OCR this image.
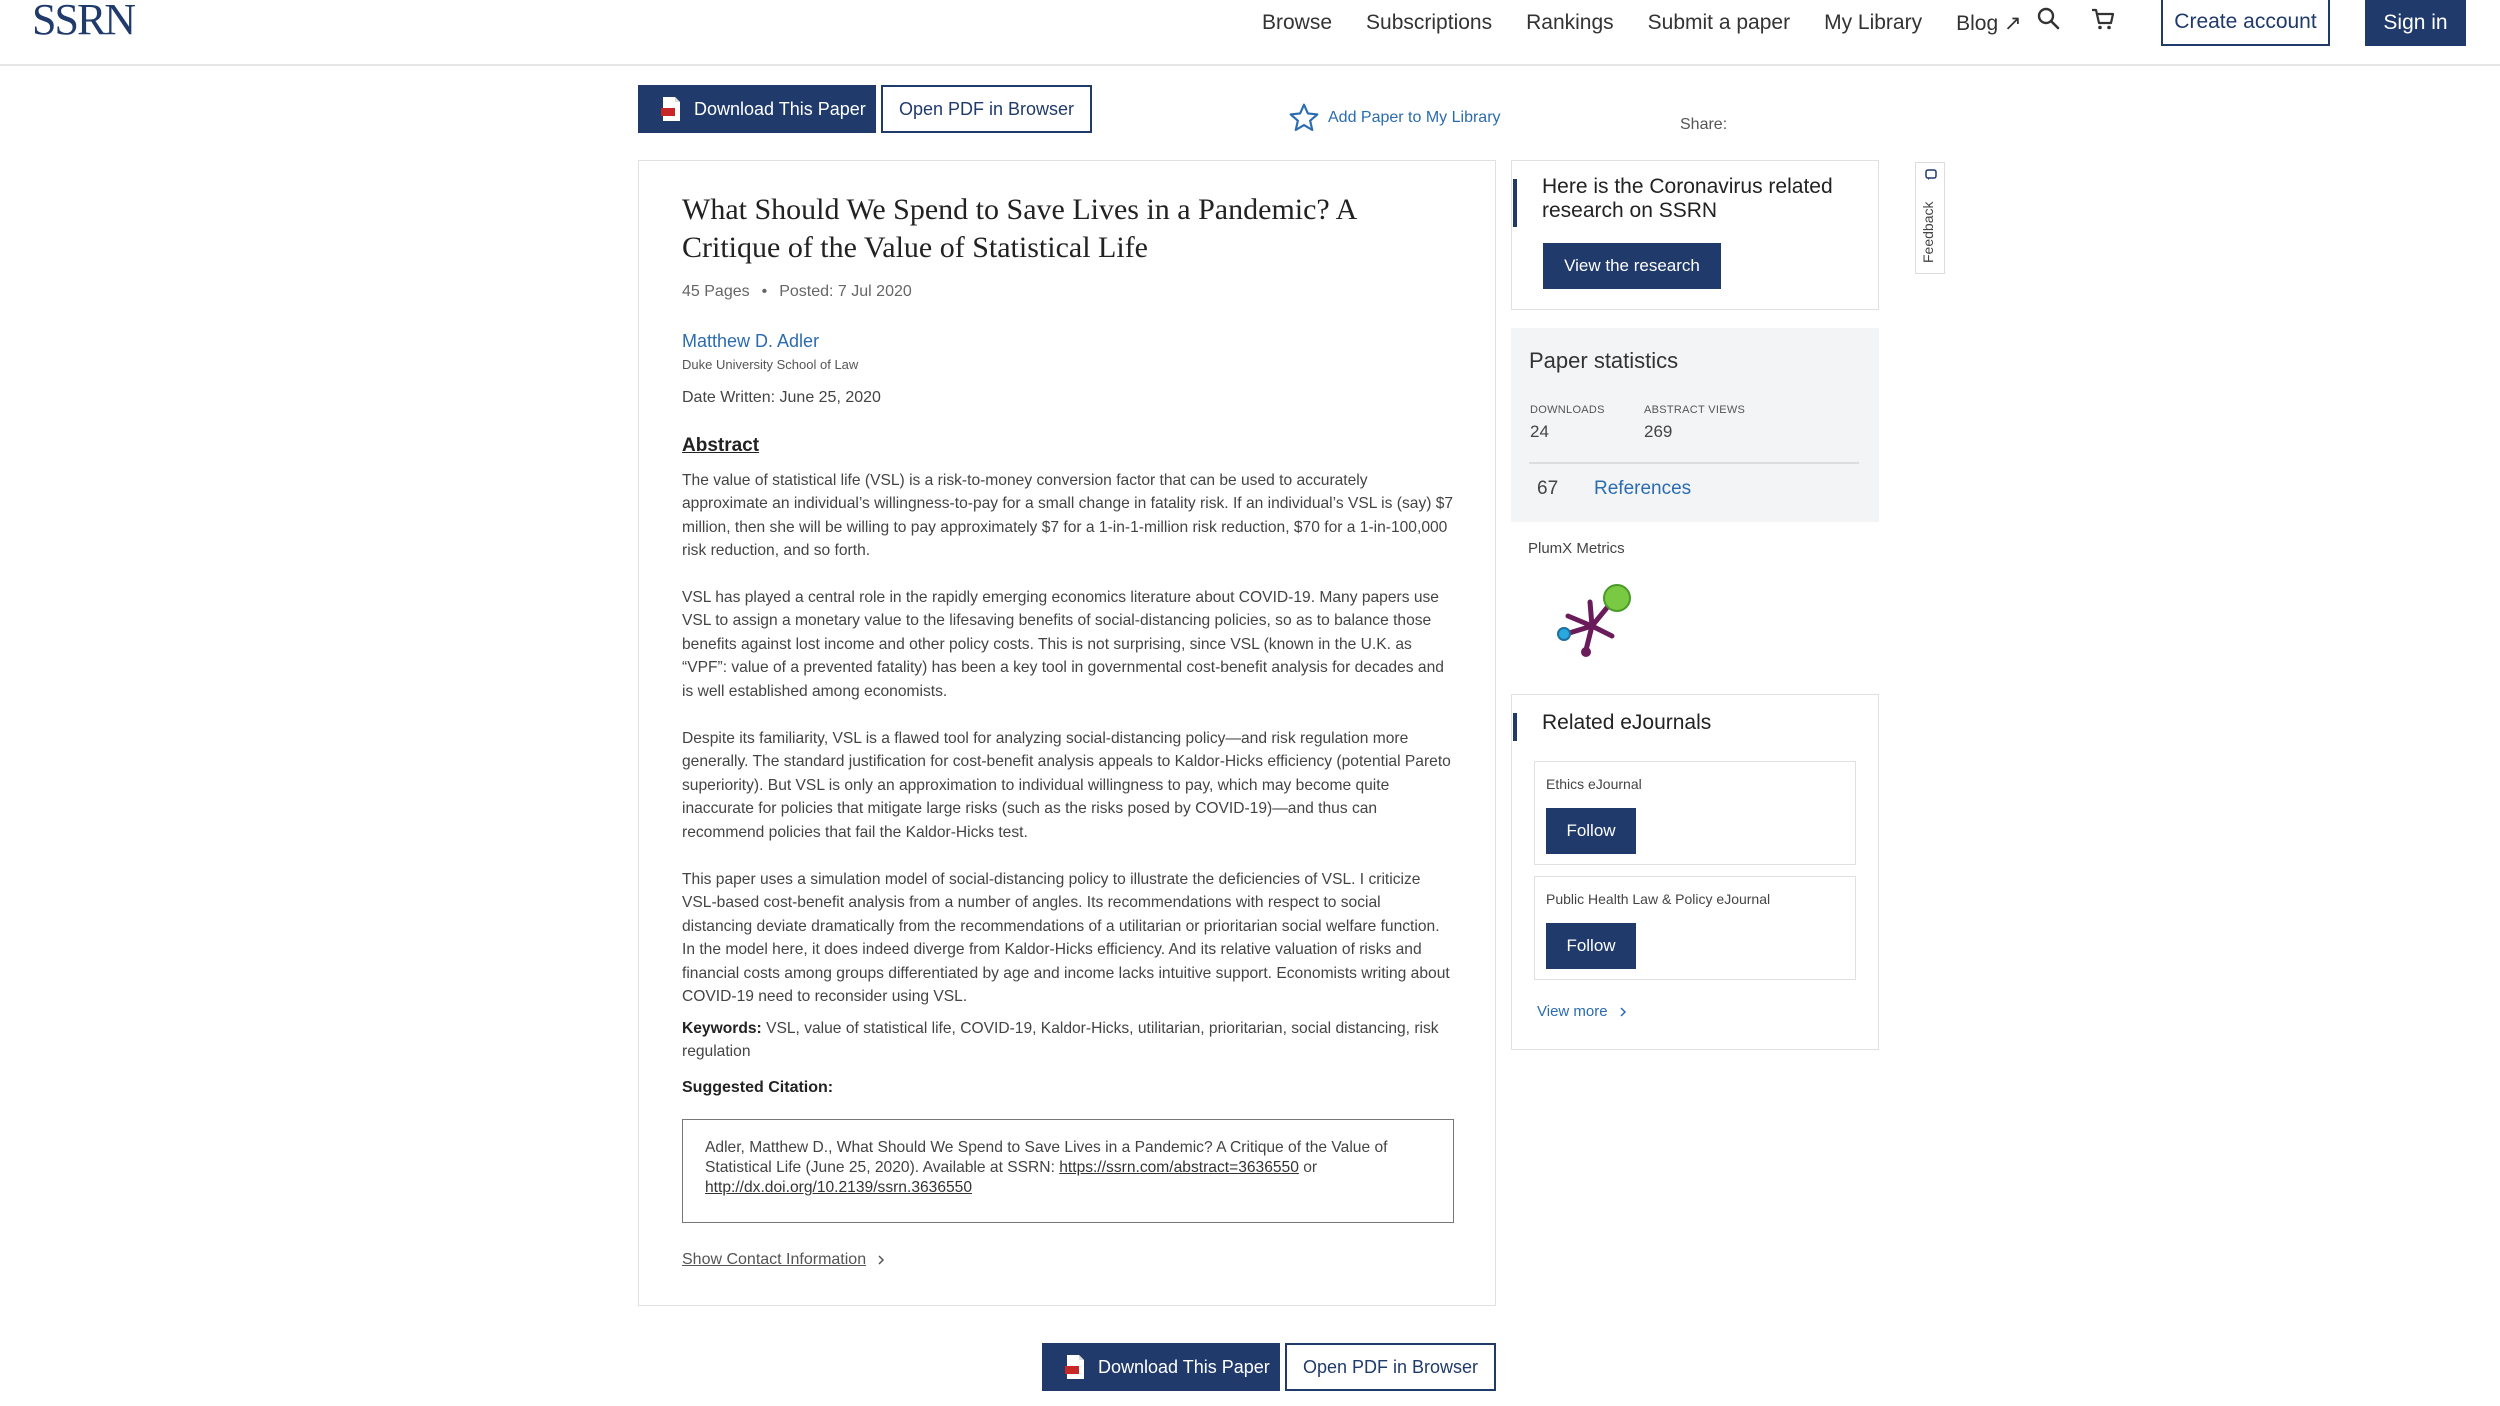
SSRN	Browse Subscriptions Rankings Submit a paper My Library Blog ↗	Create account	Sign in
Download This Paper	Open PDF in Browser	Add Paper to My Library	Share:
What Should We Spend to Save Lives in a Pandemic? A Critique of the Value of Statistical Life
45 Pages • Posted: 7 Jul 2020
Matthew D. Adler
Duke University School of Law
Date Written: June 25, 2020
Abstract
The value of statistical life (VSL) is a risk-to-money conversion factor that can be used to accurately approximate an individual’s willingness-to-pay for a small change in fatality risk. If an individual’s VSL is (say) $7 million, then she will be willing to pay approximately $7 for a 1-in-1-million risk reduction, $70 for a 1-in-100,000 risk reduction, and so forth.
VSL has played a central role in the rapidly emerging economics literature about COVID-19. Many papers use VSL to assign a monetary value to the lifesaving benefits of social-distancing policies, so as to balance those benefits against lost income and other policy costs. This is not surprising, since VSL (known in the U.K. as “VPF”: value of a prevented fatality) has been a key tool in governmental cost-benefit analysis for decades and is well established among economists.
Despite its familiarity, VSL is a flawed tool for analyzing social-distancing policy—and risk regulation more generally. The standard justification for cost-benefit analysis appeals to Kaldor-Hicks efficiency (potential Pareto superiority). But VSL is only an approximation to individual willingness to pay, which may become quite inaccurate for policies that mitigate large risks (such as the risks posed by COVID-19)—and thus can recommend policies that fail the Kaldor-Hicks test.
This paper uses a simulation model of social-distancing policy to illustrate the deficiencies of VSL. I criticize VSL-based cost-benefit analysis from a number of angles. Its recommendations with respect to social distancing deviate dramatically from the recommendations of a utilitarian or prioritarian social welfare function. In the model here, it does indeed diverge from Kaldor-Hicks efficiency. And its relative valuation of risks and financial costs among groups differentiated by age and income lacks intuitive support. Economists writing about COVID-19 need to reconsider using VSL.
Keywords: VSL, value of statistical life, COVID-19, Kaldor-Hicks, utilitarian, prioritarian, social distancing, risk regulation
Suggested Citation:
Adler, Matthew D., What Should We Spend to Save Lives in a Pandemic? A Critique of the Value of Statistical Life (June 25, 2020). Available at SSRN: https://ssrn.com/abstract=3636550 or http://dx.doi.org/10.2139/ssrn.3636550
Show Contact Information
Download This Paper	Open PDF in Browser
Here is the Coronavirus related research on SSRN
View the research
Paper statistics
DOWNLOADS
24
ABSTRACT VIEWS
269
67 References
PlumX Metrics
Related eJournals
Ethics eJournal
Follow
Public Health Law & Policy eJournal
Follow
View more
Feedback
